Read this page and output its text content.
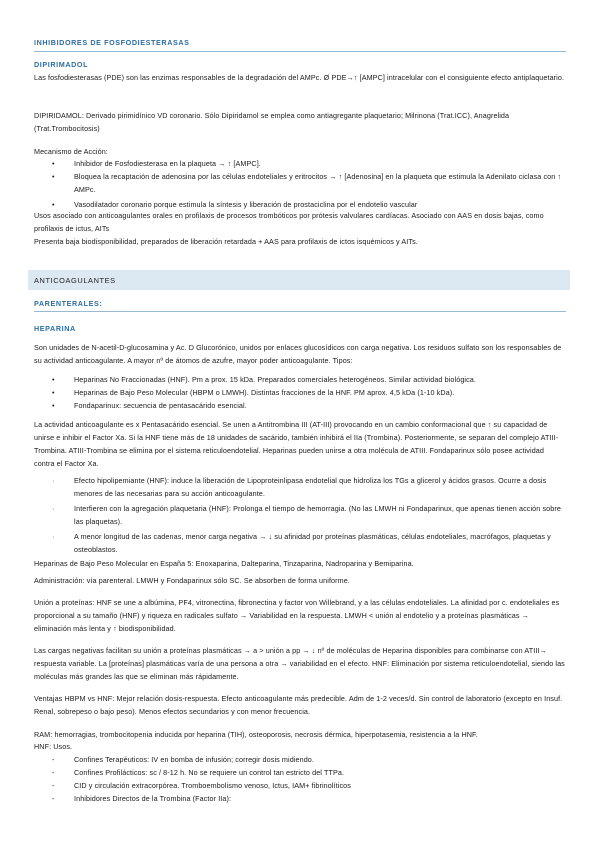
INHIBIDORES DE FOSFODIESTERASAS
DIPIRIMADOL
Las fosfodiesterasas (PDE) son las enzimas responsables de la degradación del AMPc. Ø PDE→↑ [AMPC] intracelular con el consiguiente efecto antiplaquetario.
DIPIRIDAMOL: Derivado pirimidínico VD coronario. Sólo Dipiridamol se emplea como antiagregante plaquetario; Milrinona (Trat.ICC), Anagrelida (Trat.Trombocitosis)
Mecanismo de Acción:
•	Inhibidor de Fosfodiesterasa en la plaqueta → ↑ [AMPC].
•	Bloquea la recaptación de adenosina por las células endoteliales y eritrocitos → ↑ [Adenosina] en la plaqueta que estimula la Adenilato ciclasa con ↑ AMPc.
•	Vasodilatador coronario porque estimula la síntesis y liberación de prostaciclina por el endotelio vascular
Usos asociado con anticoagulantes orales en profilaxis de procesos trombóticos por prótesis valvulares cardíacas. Asociado con AAS en dosis bajas, como profilaxis de ictus, AITs
Presenta baja biodisponibilidad, preparados de liberación retardada + AAS para profilaxis de ictos isquémicos y AITs.
ANTICOAGULANTES
PARENTERALES:
HEPARINA
Son unidades de N-acetil-D-glucosamina y Ac. D Glucorónico, unidos por enlaces glucosídicos con carga negativa. Los residuos sulfato son los responsables de su actividad anticoagulante. A mayor nº de átomos de azufre, mayor poder anticoagulante. Tipos:
•	Heparinas No Fraccionadas (HNF). Pm a prox. 15 kDa. Preparados comerciales heterogéneos. Similar actividad biológica.
•	Heparinas de Bajo Peso Molecular (HBPM o LMWH). Distintas fracciones de la HNF. PM aprox. 4,5 kDa (1-10 kDa).
•	Fondaparinux: secuencia de pentasacárido esencial.
La actividad anticoagulante es x Pentasacárido esencial. Se unen a Antitrombina III (AT-III) provocando en un cambio conformacional que ↑ su capacidad de unirse e inhibir el Factor Xa. Si la HNF tiene más de 18 unidades de sacárido, también inhibirá el IIa (Trombina). Posteriormente, se separan del complejo ATIII-Trombina. ATIII-Trombina se elimina por el sistema reticuloendotelial. Heparinas pueden unirse a otra molécula de ATIII. Fondaparinux sólo posee actividad contra el Factor Xa.
·	Efecto hipolipemiante (HNF): induce la liberación de Lipoproteinlipasa endotelial que hidroliza los TGs a glicerol y ácidos grasos. Ocurre a dosis menores de las necesarias para su acción anticoagulante.
·	Interfieren con la agregación plaquetaria (HNF): Prolonga el tiempo de hemorragia. (No las LMWH ni Fondaparinux, que apenas tienen acción sobre las plaquetas).
·	A menor longitud de las cadenas, menor carga negativa → ↓ su afinidad por proteínas plasmáticas, células endoteliales, macrófagos, plaquetas y osteoblastos.
Heparinas de Bajo Peso Molecular en España 5: Enoxaparina, Dalteparina, Tinzaparina, Nadroparina y Bemiparina.
Administración: vía parenteral. LMWH y Fondaparinux sólo SC. Se absorben de forma uniforme.
Unión a proteínas: HNF se une a albúmina, PF4, vitronectina, fibronectina y factor von Willebrand, y a las células endoteliales. La afinidad por c. endoteliales es proporcional a su tamaño (HNF) y riqueza en radicales sulfato → Variabilidad en la respuesta. LMWH < unión al endotelio y a proteínas plasmáticas → eliminación más lenta y ↑ biodisponibilidad.
Las cargas negativas facilitan su unión a proteínas plasmáticas → a > unión a pp → ↓ nº de moléculas de Heparina disponibles para combinarse con ATIII→ respuesta variable. La [proteínas] plasmáticas varía de una persona a otra → variabilidad en el efecto. HNF: Eliminación por sistema reticuloendotelial, siendo las moléculas más grandes las que se eliminan más rápidamente.
Ventajas HBPM vs HNF: Mejor relación dosis-respuesta. Efecto anticoagulante más predecible. Adm de 1-2 veces/d. Sin control de laboratorio (excepto en Insuf. Renal, sobrepeso o bajo peso). Menos efectos secundarios y con menor frecuencia.
RAM: hemorragias, trombocitopenia inducida por heparina (TIH), osteoporosis, necrosis dérmica, hiperpotasemia, resistencia a la HNF.
HNF: Usos.
-	Confines Terapéuticos: IV en bomba de infusión; corregir dosis midiendo.
-	Confines Profilácticos: sc / 8-12 h. No se requiere un control tan estricto del TTPa.
-	CID y circulación extracorpórea. Tromboembolismo venoso, Ictus, IAM+ fibrinolíticos
-	Inhibidores Directos de la Trombina (Factor IIa):
